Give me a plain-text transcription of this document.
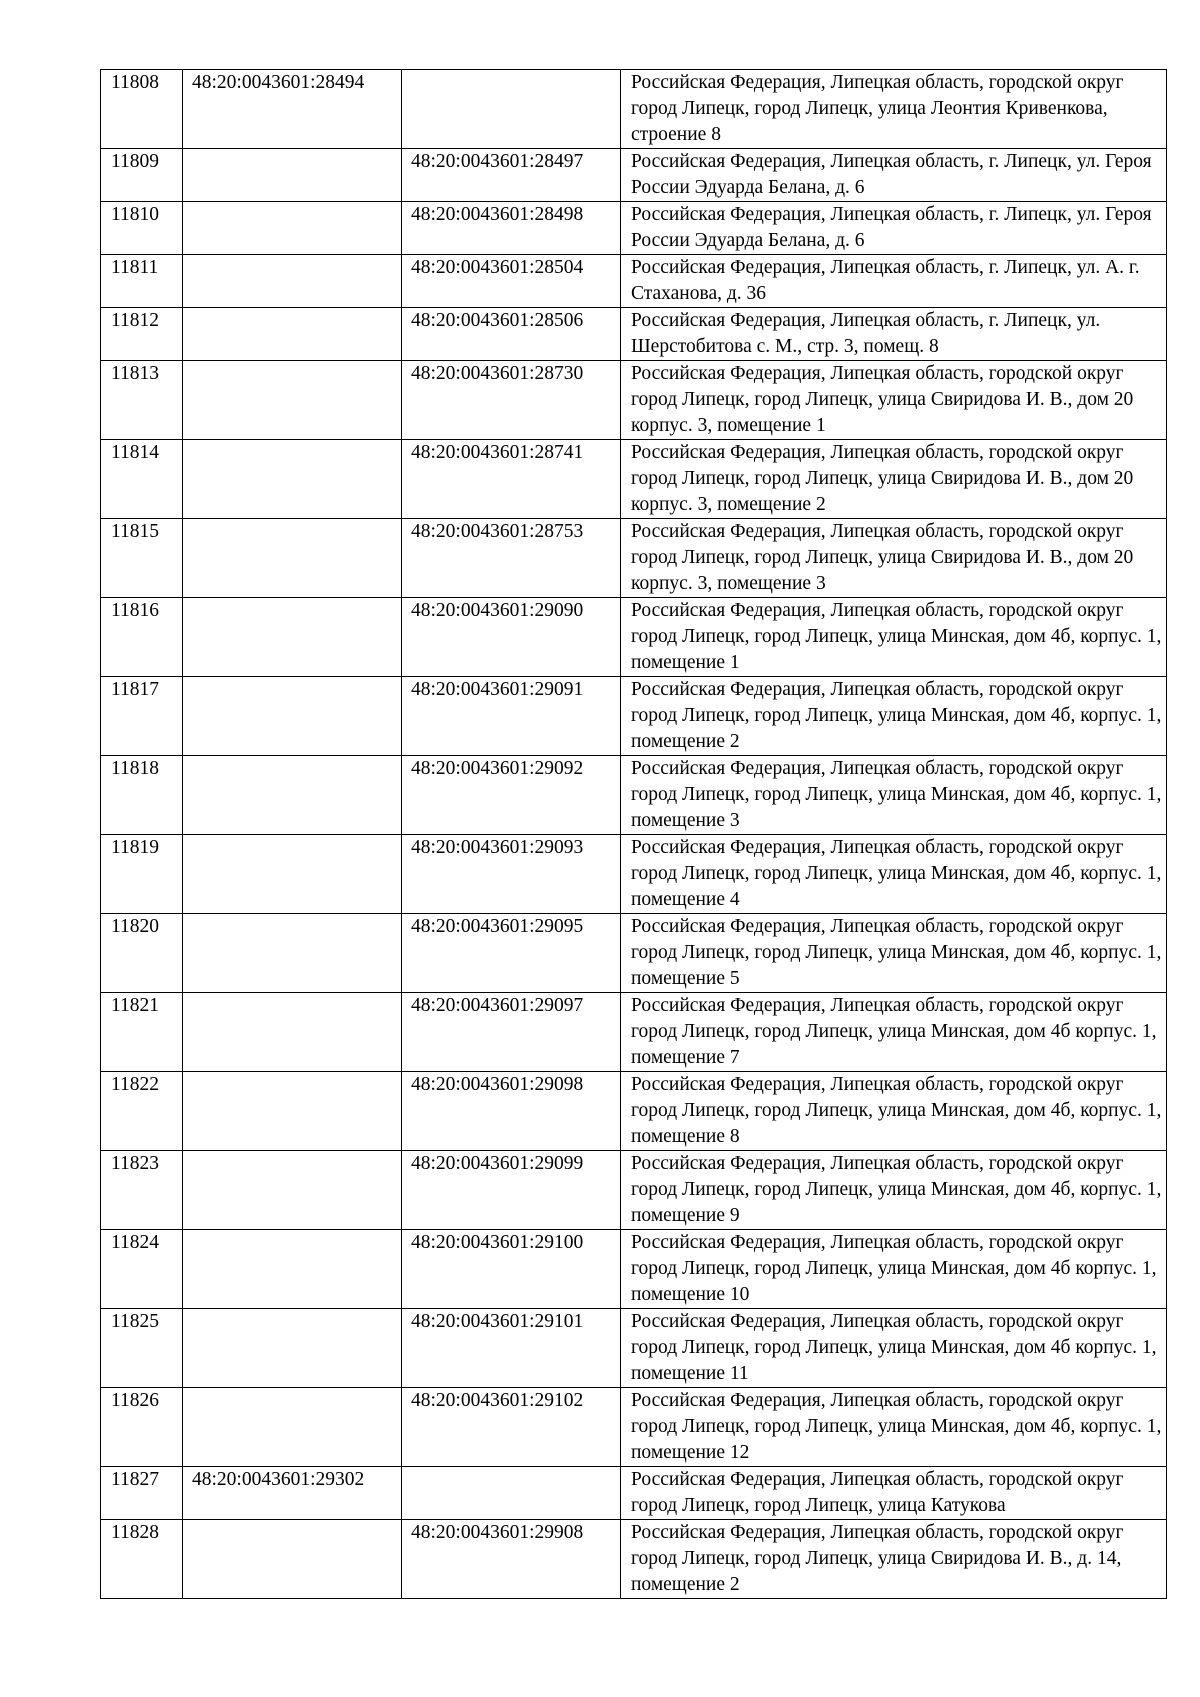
11808	48:20:0043601:28494		Российская Федерация, Липецкая область, городской округ город Липецк, город Липецк, улица Леонтия Кривенкова, строение 8
11809		48:20:0043601:28497	Российская Федерация, Липецкая область, г. Липецк, ул. Героя России Эдуарда Белана, д. 6
11810		48:20:0043601:28498	Российская Федерация, Липецкая область, г. Липецк, ул. Героя России Эдуарда Белана, д. 6
11811		48:20:0043601:28504	Российская Федерация, Липецкая область, г. Липецк, ул. А. г. Стаханова, д. 36
11812		48:20:0043601:28506	Российская Федерация, Липецкая область, г. Липецк, ул. Шерстобитова с. М., стр. 3, помещ. 8
11813		48:20:0043601:28730	Российская Федерация, Липецкая область, городской округ город Липецк, город Липецк, улица Свиридова И. В., дом 20 корпус. 3, помещение 1
11814		48:20:0043601:28741	Российская Федерация, Липецкая область, городской округ город Липецк, город Липецк, улица Свиридова И. В., дом 20 корпус. 3, помещение 2
11815		48:20:0043601:28753	Российская Федерация, Липецкая область, городской округ город Липецк, город Липецк, улица Свиридова И. В., дом 20 корпус. 3, помещение 3
11816		48:20:0043601:29090	Российская Федерация, Липецкая область, городской округ город Липецк, город Липецк, улица Минская, дом 4б, корпус. 1, помещение 1
11817		48:20:0043601:29091	Российская Федерация, Липецкая область, городской округ город Липецк, город Липецк, улица Минская, дом 4б, корпус. 1, помещение 2
11818		48:20:0043601:29092	Российская Федерация, Липецкая область, городской округ город Липецк, город Липецк, улица Минская, дом 4б, корпус. 1, помещение 3
11819		48:20:0043601:29093	Российская Федерация, Липецкая область, городской округ город Липецк, город Липецк, улица Минская, дом 4б, корпус. 1, помещение 4
11820		48:20:0043601:29095	Российская Федерация, Липецкая область, городской округ город Липецк, город Липецк, улица Минская, дом 4б, корпус. 1, помещение 5
11821		48:20:0043601:29097	Российская Федерация, Липецкая область, городской округ город Липецк, город Липецк, улица Минская, дом 4б корпус. 1, помещение 7
11822		48:20:0043601:29098	Российская Федерация, Липецкая область, городской округ город Липецк, город Липецк, улица Минская, дом 4б, корпус. 1, помещение 8
11823		48:20:0043601:29099	Российская Федерация, Липецкая область, городской округ город Липецк, город Липецк, улица Минская, дом 4б, корпус. 1, помещение 9
11824		48:20:0043601:29100	Российская Федерация, Липецкая область, городской округ город Липецк, город Липецк, улица Минская, дом 4б корпус. 1, помещение 10
11825		48:20:0043601:29101	Российская Федерация, Липецкая область, городской округ город Липецк, город Липецк, улица Минская, дом 4б корпус. 1, помещение 11
11826		48:20:0043601:29102	Российская Федерация, Липецкая область, городской округ город Липецк, город Липецк, улица Минская, дом 4б, корпус. 1, помещение 12
11827	48:20:0043601:29302		Российская Федерация, Липецкая область, городской округ город Липецк, город Липецк, улица Катукова
11828		48:20:0043601:29908	Российская Федерация, Липецкая область, городской округ город Липецк, город Липецк, улица Свиридова И. В., д. 14, помещение 2
